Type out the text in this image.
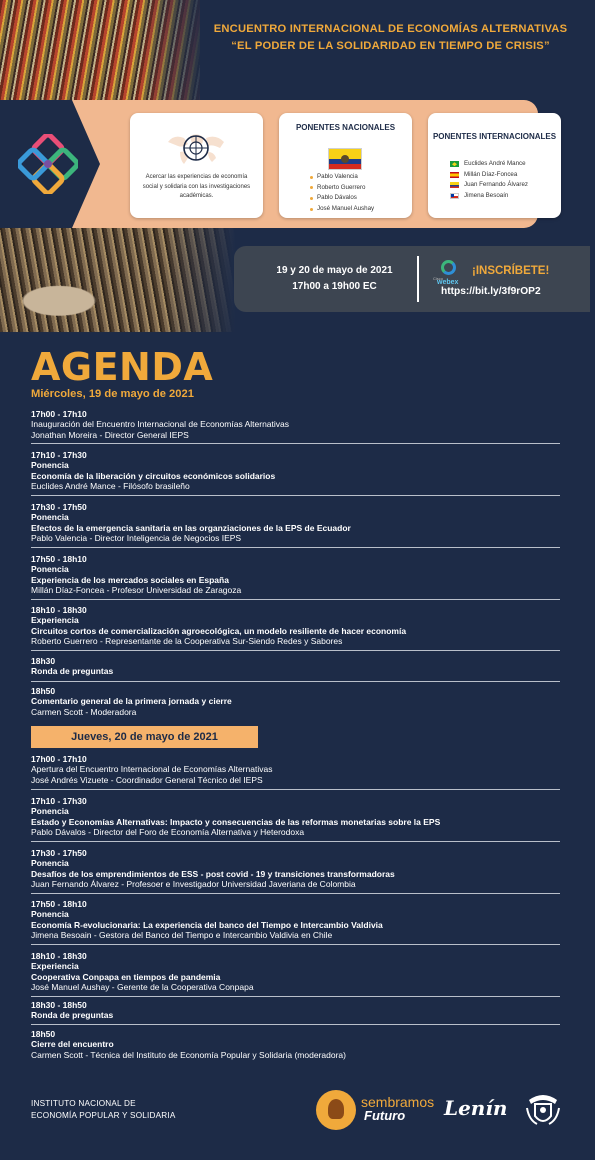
ENCUENTRO INTERNACIONAL DE ECONOMÍAS ALTERNATIVAS
“EL PODER DE LA SOLIDARIDAD EN TIEMPO DE CRISIS”
Acercar las experiencias de economía social y solidaria con las investigaciones académicas.
PONENTES NACIONALES
Pablo Valencia
Roberto Guerrero
Pablo Dávalos
José Manuel Aushay
PONENTES INTERNACIONALES
Euclides André Mance
Millán Díaz-Foncea
Juan Fernando Álvarez
Jimena Besoaín
19 y 20 de mayo de 2021
17h00 a 19h00 EC
Cisco
webex
¡INSCRÍBETE!
https://bit.ly/3f9rOP2
AGENDA
Miércoles, 19 de mayo de 2021
17h00 - 17h10
Inauguración del Encuentro Internacional de Economías Alternativas
Jonathan Moreira - Director General IEPS
17h10 - 17h30
Ponencia
Economía de la liberación y circuitos económicos solidarios
Euclides André Mance - Filósofo brasileño
17h30 - 17h50
Ponencia
Efectos de la emergencia sanitaria en las organziaciones de la EPS de Ecuador
Pablo Valencia - Director Inteligencia de Negocios IEPS
17h50 - 18h10
Ponencia
Experiencia de los mercados sociales en España
Millán Díaz-Foncea - Profesor Universidad de Zaragoza
18h10 - 18h30
Experiencia
Circuitos cortos de comercialización agroecológica, un modelo resiliente de hacer economía
Roberto Guerrero - Representante de la Cooperativa Sur-Siendo Redes y Sabores
18h30
Ronda de preguntas
18h50
Comentario general de la primera jornada y cierre
Carmen Scott - Moderadora
Jueves, 20 de mayo de 2021
17h00 - 17h10
Apertura del Encuentro Internacional de Economías Alternativas
José Andrés Vizuete - Coordinador General Técnico del IEPS
17h10 - 17h30
Ponencia
Estado y Economías Alternativas: Impacto y consecuencias de las reformas monetarias sobre la EPS
Pablo Dávalos - Director del Foro de Economía Alternativa y Heterodoxa
17h30 - 17h50
Ponencia
Desafíos de los emprendimientos de ESS - post covid - 19 y transiciones transformadoras
Juan Fernando Álvarez - Profesoer e Investigador Universidad Javeriana de Colombia
17h50 - 18h10
Ponencia
Economía R-evolucionaria: La experiencia del banco del Tiempo e Intercambio Valdivia
Jimena Besoain - Gestora del Banco del Tiempo e Intercambio Valdivia en Chile
18h10 - 18h30
Experiencia
Cooperativa Conpapa en tiempos de pandemia
José Manuel Aushay - Gerente de la Cooperativa Conpapa
18h30 - 18h50
Ronda de preguntas
18h50
Cierre del encuentro
Carmen Scott - Técnica del Instituto de Economía Popular y Solidaria (moderadora)
INSTITUTO NACIONAL DE
ECONOMÍA POPULAR Y SOLIDARIA
sembramos
Futuro Lenín
